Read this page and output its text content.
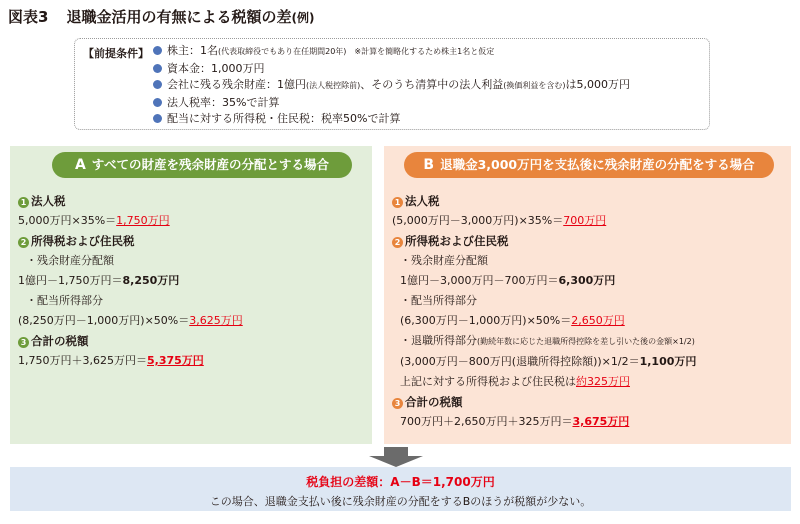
図表3 退職金活用の有無による税額の差(例)
【前提条件】	株主：1名(代表取締役でもあり在任期間20年)　※計算を簡略化するため株主1名と仮定
資本金：1,000万円
会社に残る残余財産：1億円(法人税控除前)、そのうち清算中の法人利益(換価利益を含む)は5,000万円
法人税率：35%で計算
配当に対する所得税・住民税：税率50%で計算
A すべての財産を残余財産の分配とする場合
1 法人税
5,000万円×35%＝1,750万円
2 所得税および住民税
・残余財産分配額
1億円－1,750万円＝8,250万円
・配当所得部分
(8,250万円－1,000万円)×50%＝3,625万円
3 合計の税額
1,750万円＋3,625万円＝5,375万円
B 退職金3,000万円を支払後に残余財産の分配をする場合
1 法人税
(5,000万円－3,000万円)×35%＝700万円
2 所得税および住民税
・残余財産分配額
1億円－3,000万円－700万円＝6,300万円
・配当所得部分
(6,300万円－1,000万円)×50%＝2,650万円
・退職所得部分(勤続年数に応じた退職所得控除を差し引いた後の金額×1/2)
(3,000万円－800万円(退職所得控除額))×1/2＝1,100万円
上記に対する所得税および住民税は約325万円
3 合計の税額
700万円＋2,650万円＋325万円＝3,675万円
税負担の差額：A－B＝1,700万円
この場合、退職金支払い後に残余財産の分配をするBのほうが税額が少ない。
